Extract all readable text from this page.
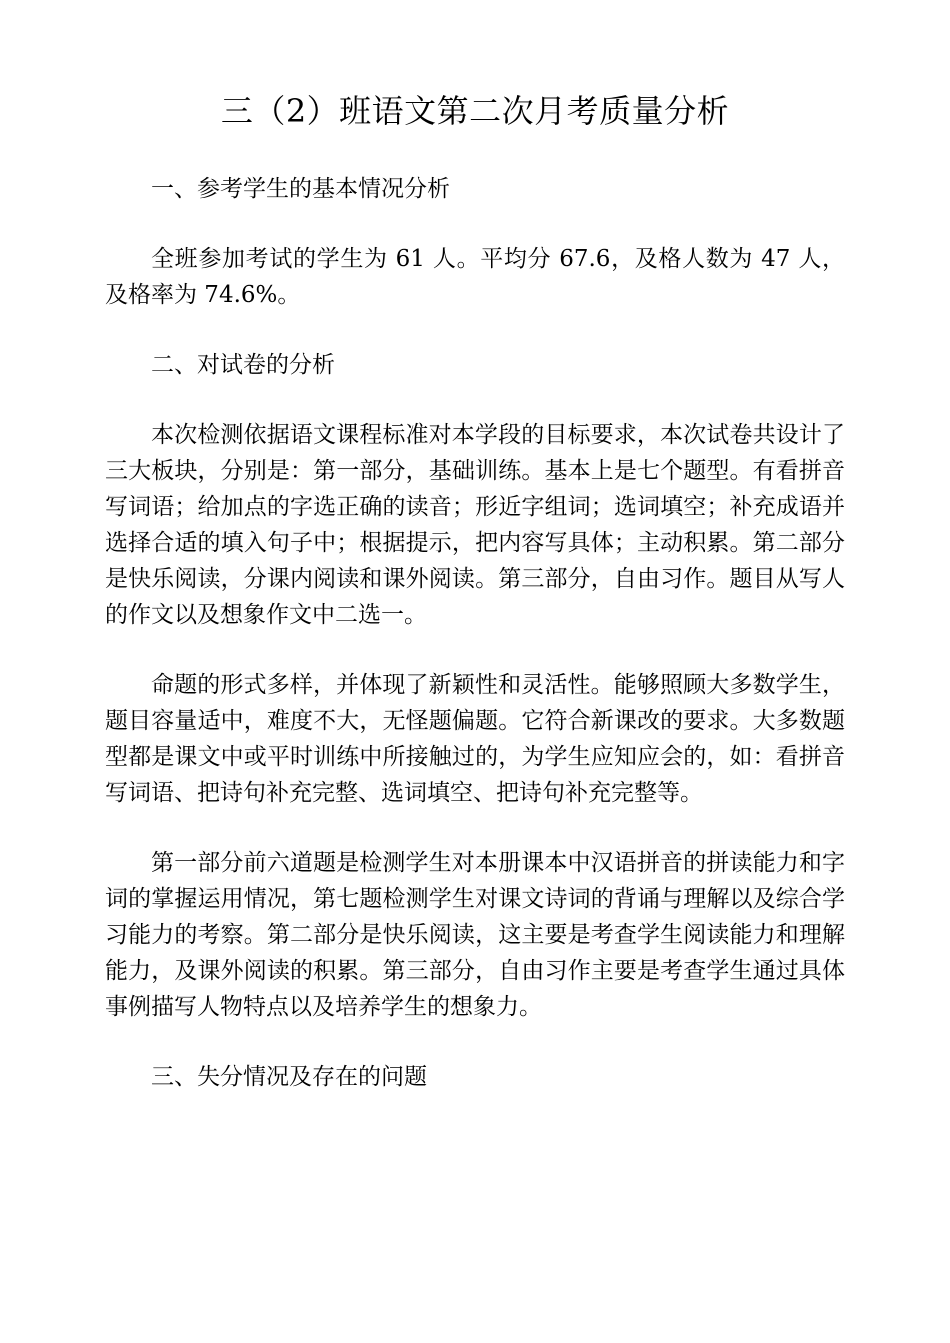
三（2）班语文第二次月考质量分析
一、参考学生的基本情况分析

全班参加考试的学生为 61 人。平均分 67.6，及格人数为 47 人，及格率为 74.6%。

二、对试卷的分析

本次检测依据语文课程标准对本学段的目标要求，本次试卷共设计了三大板块，分别是：第一部分，基础训练。基本上是七个题型。有看拼音写词语；给加点的字选正确的读音；形近字组词；选词填空；补充成语并选择合适的填入句子中；根据提示，把内容写具体；主动积累。第二部分是快乐阅读，分课内阅读和课外阅读。第三部分，自由习作。题目从写人的作文以及想象作文中二选一。

命题的形式多样，并体现了新颖性和灵活性。能够照顾大多数学生，题目容量适中，难度不大，无怪题偏题。它符合新课改的要求。大多数题型都是课文中或平时训练中所接触过的，为学生应知应会的，如：看拼音写词语、把诗句补充完整、选词填空、把诗句补充完整等。

第一部分前六道题是检测学生对本册课本中汉语拼音的拼读能力和字词的掌握运用情况，第七题检测学生对课文诗词的背诵与理解以及综合学习能力的考察。第二部分是快乐阅读，这主要是考查学生阅读能力和理解能力，及课外阅读的积累。第三部分，自由习作主要是考查学生通过具体事例描写人物特点以及培养学生的想象力。

三、失分情况及存在的问题
